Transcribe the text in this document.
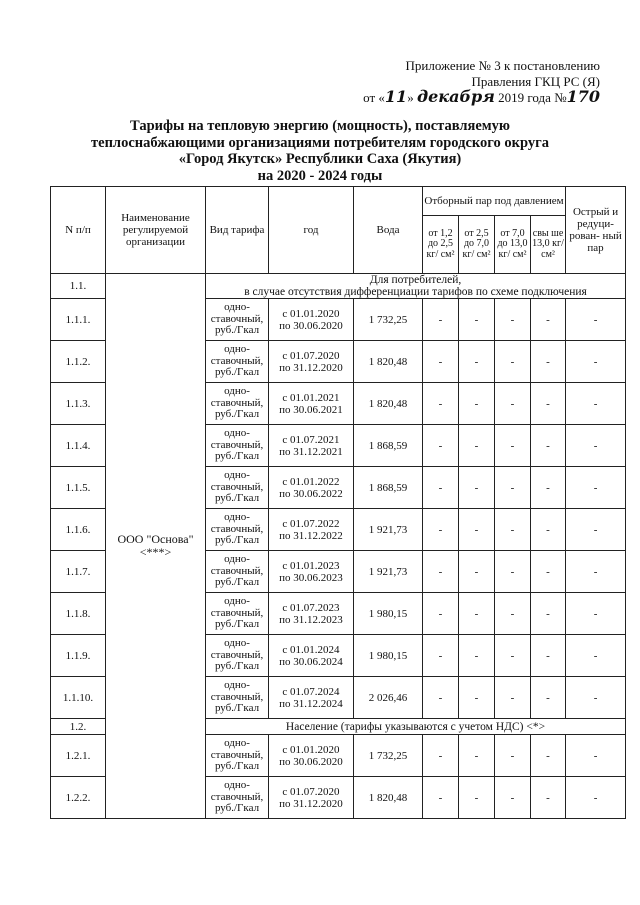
Приложение № 3 к постановлению
Правления ГКЦ РС (Я)
от «11» декабря 2019 года №170
Тарифы на тепловую энергию (мощность), поставляемую
теплоснабжающими организациями потребителям городского округа
«Город Якутск» Республики Саха (Якутия)
на 2020 - 2024 годы
N п/п	Наименование регулируемой организации	Вид тарифа	год	Вода	Отборный пар под давлением				Острый и редуци- рован- ный пар
					от 1,2 до 2,5 кг/ см²	от 2,5 до 7,0 кг/ см²	от 7,0 до 13,0 кг/ см²	свы ше 13,0 кг/ см²	
1.1.	ООО "Основа" <***>	Для потребителей,
в случае отсутствия дифференциации тарифов по схеме подключения							

1.1.1.		одно- ставочный, руб./Гкал	с 01.01.2020
по 30.06.2020	1 732,25	-	-	-	-	-
1.1.2.		одно- ставочный, руб./Гкал	с 01.07.2020
по 31.12.2020	1 820,48	-	-	-	-	-
1.1.3.		одно- ставочный, руб./Гкал	с 01.01.2021
по 30.06.2021	1 820,48	-	-	-	-	-
1.1.4.		одно- ставочный, руб./Гкал	с 01.07.2021
по 31.12.2021	1 868,59	-	-	-	-	-
1.1.5.		одно- ставочный, руб./Гкал	с 01.01.2022
по 30.06.2022	1 868,59	-	-	-	-	-
1.1.6.		одно- ставочный, руб./Гкал	с 01.07.2022
по 31.12.2022	1 921,73	-	-	-	-	-
1.1.7.		одно- ставочный, руб./Гкал	с 01.01.2023
по 30.06.2023	1 921,73	-	-	-	-	-
1.1.8.		одно- ставочный, руб./Гкал	с 01.07.2023
по 31.12.2023	1 980,15	-	-	-	-	-
1.1.9.		одно- ставочный, руб./Гкал	с 01.01.2024
по 30.06.2024	1 980,15	-	-	-	-	-
1.1.10.		одно- ставочный, руб./Гкал	с 01.07.2024
по 31.12.2024	2 026,46	-	-	-	-	-
1.2.		Население (тарифы указываются с учетом НДС) <*>							

1.2.1.		одно- ставочный, руб./Гкал	с 01.01.2020
по 30.06.2020	1 732,25	-	-	-	-	-
1.2.2.		одно- ставочный, руб./Гкал	с 01.07.2020
по 31.12.2020	1 820,48	-	-	-	-	-
